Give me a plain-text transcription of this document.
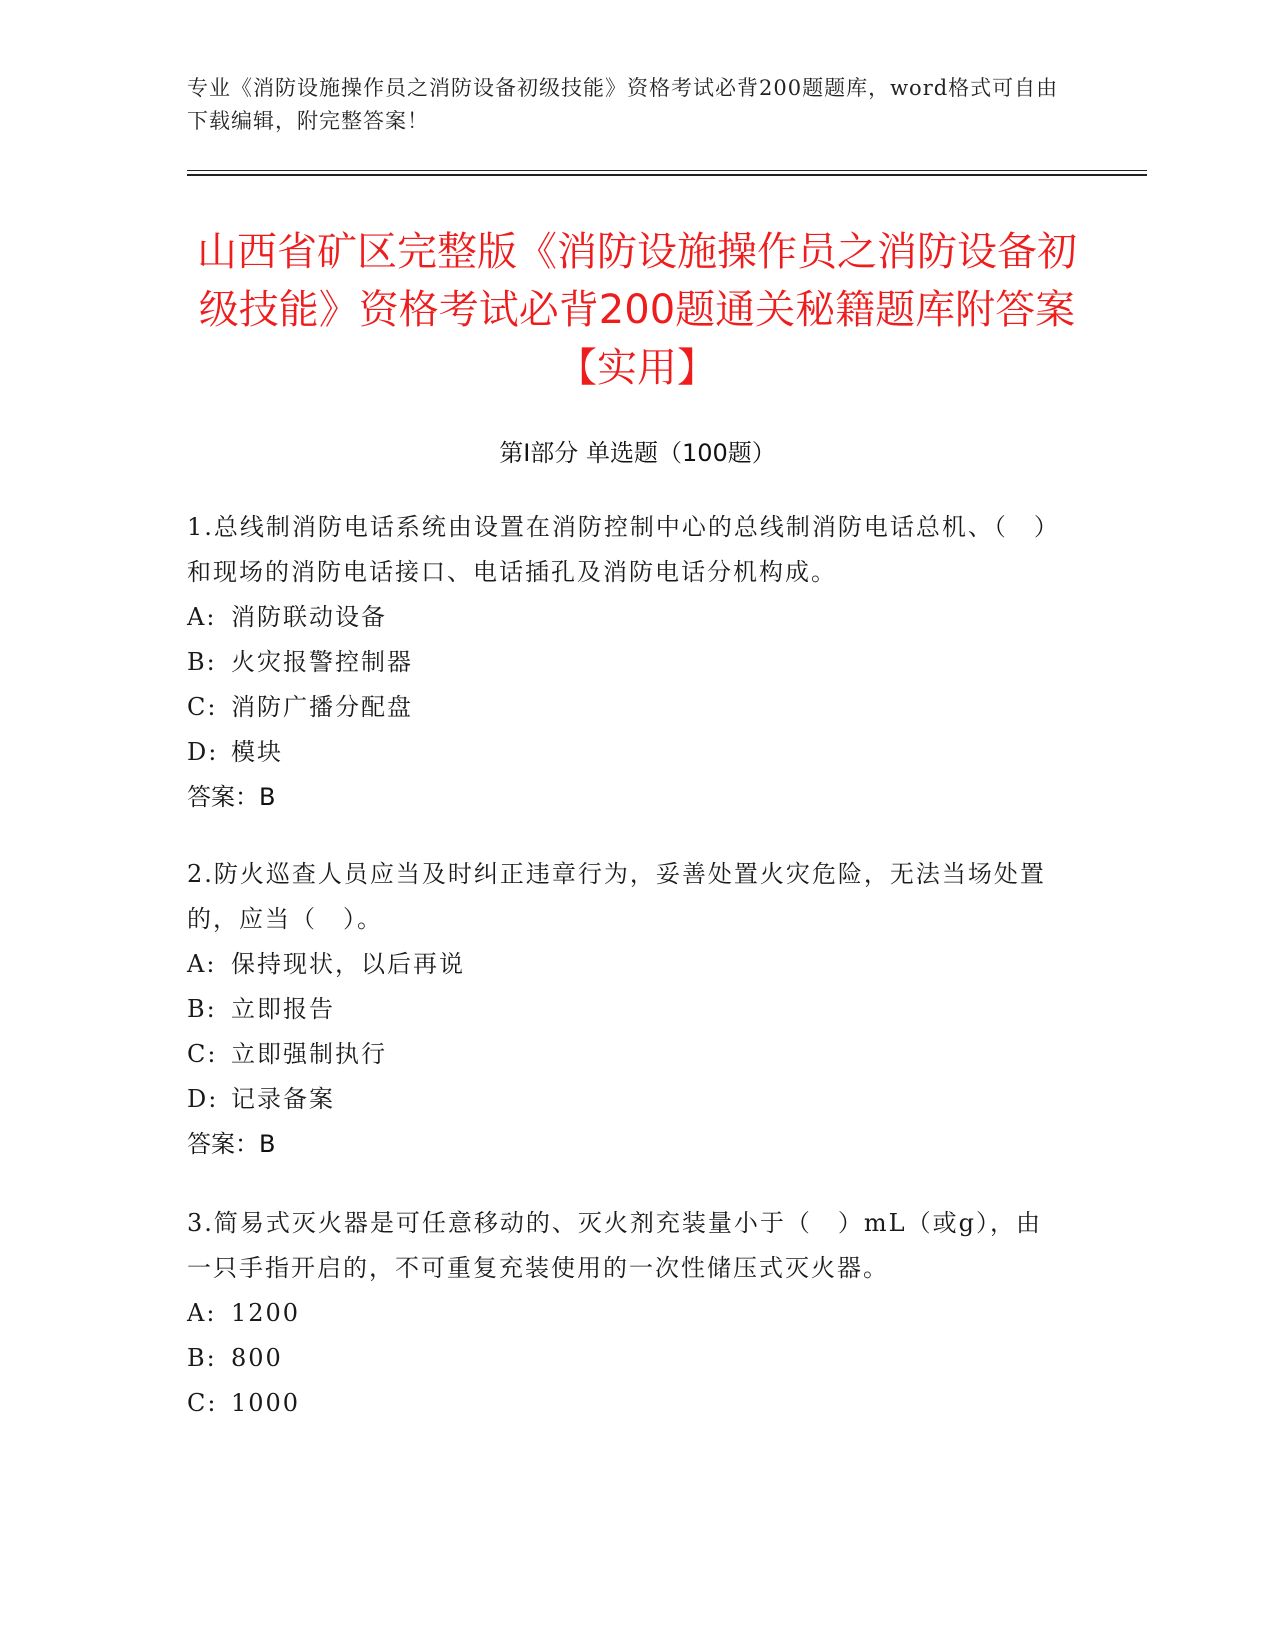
专业《消防设施操作员之消防设备初级技能》资格考试必背200题题库，word格式可自由下载编辑，附完整答案！
山西省矿区完整版《消防设施操作员之消防设备初级技能》资格考试必背200题通关秘籍题库附答案【实用】
第Ⅰ部分 单选题（100题）
1.总线制消防电话系统由设置在消防控制中心的总线制消防电话总机、（　）和现场的消防电话接口、电话插孔及消防电话分机构成。
A: 消防联动设备
B: 火灾报警控制器
C: 消防广播分配盘
D: 模块
答案：B
2.防火巡查人员应当及时纠正违章行为，妥善处置火灾危险，无法当场处置的，应当（　）。
A: 保持现状，以后再说
B: 立即报告
C: 立即强制执行
D: 记录备案
答案：B
3.简易式灭火器是可任意移动的、灭火剂充装量小于（　）mL（或g），由一只手指开启的，不可重复充装使用的一次性储压式灭火器。
A: 1200
B: 800
C: 1000
